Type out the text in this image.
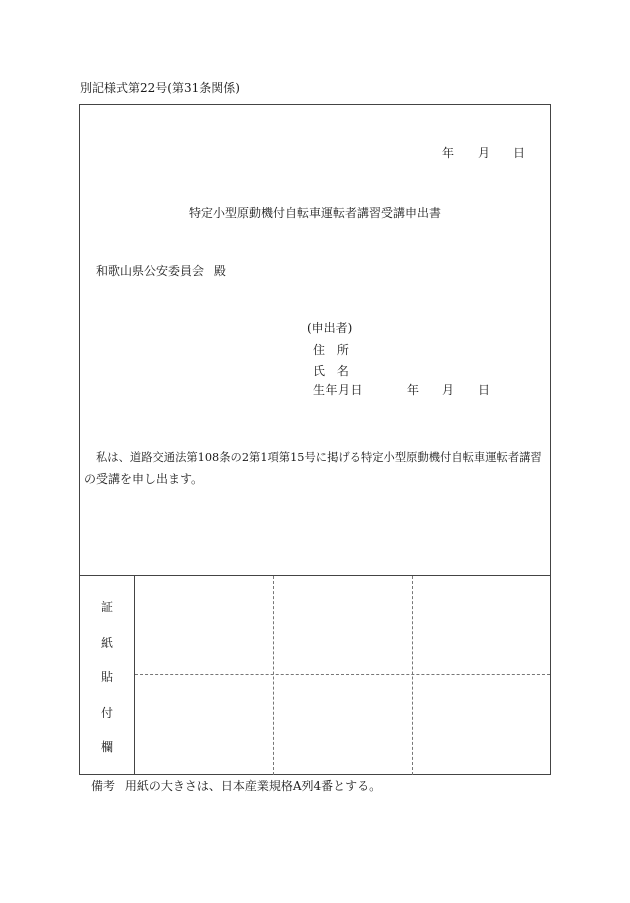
別記様式第22号(第31条関係)
年 月 日
特定小型原動機付自転車運転者講習受講申出書
和歌山県公安委員会 殿
(申出者)
住 所
氏 名
生年月日	年 月 日
私は、道路交通法第108条の2第1項第15号に掲げる特定小型原動機付自転車運転者講習
の受講を申し出ます。
証
紙
貼
付
欄
備考 用紙の大きさは、日本産業規格A列4番とする。
